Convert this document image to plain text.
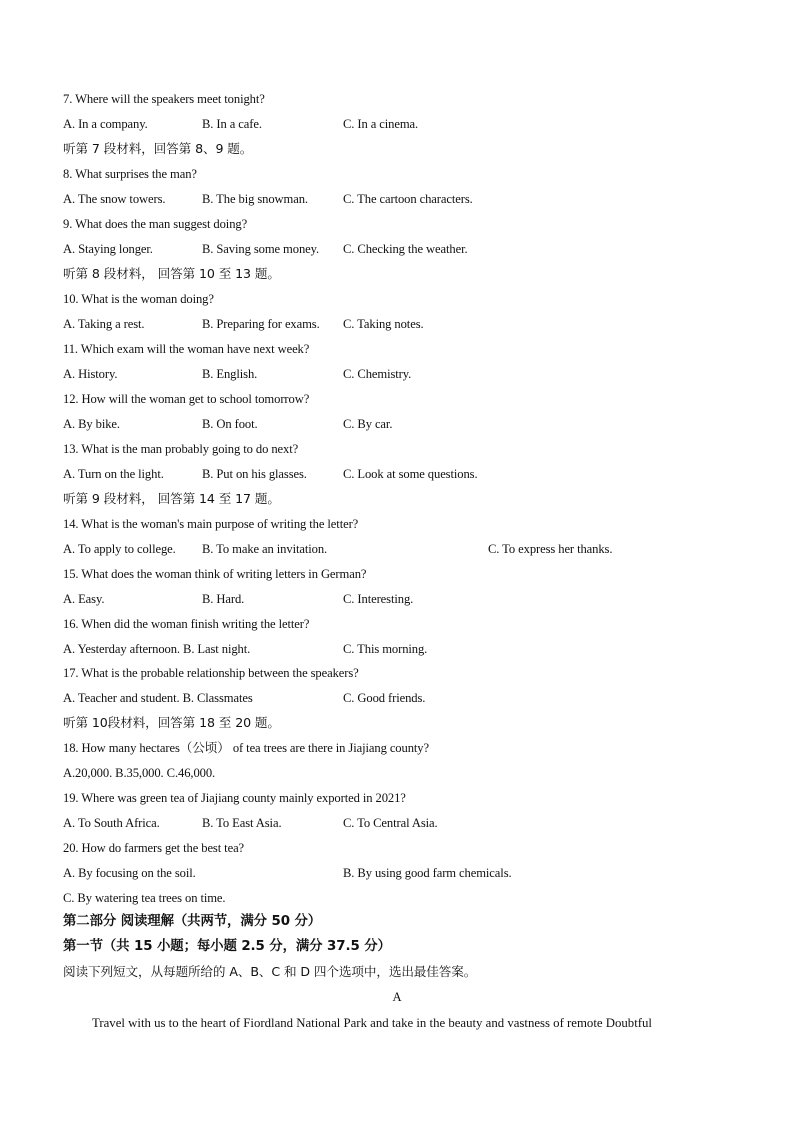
7. Where will the speakers meet tonight?
A. In a company.	B. In a cafe.	C. In a cinema.
听第 7 段材料，回答第 8、9 题。
8. What surprises the man?
A. The snow towers.	B. The big snowman.	C. The cartoon characters.
9. What does the man suggest doing?
A. Staying longer.	B. Saving some money. C. Checking the weather.
听第 8 段材料， 回答第 10 至 13 题。
10. What is the woman doing?
A. Taking a rest.	B. Preparing for exams. C. Taking notes.
11. Which exam will the woman have next week?
A. History.	B. English.	C. Chemistry.
12. How will the woman get to school tomorrow?
A. By bike.	B. On foot.	C. By car.
13. What is the man probably going to do next?
A. Turn on the light.	B. Put on his glasses.	C. Look at some questions.
听第 9 段材料， 回答第 14 至 17 题。
14. What is the woman's main purpose of writing the letter?
A. To apply to college. B. To make an invitation.	C. To express her thanks.
15. What does the woman think of writing letters in German?
A. Easy.	B. Hard.	C. Interesting.
16. When did the woman finish writing the letter?
A. Yesterday afternoon. B. Last night.	C. This morning.
17. What is the probable relationship between the speakers?
A. Teacher and student. B. Classmates	C. Good friends.
听第 10段材料，回答第 18 至 20 题。
18. How many hectares（公顷） of tea trees are there in Jiajiang county?
A.20,000. B.35,000. C.46,000.
19. Where was green tea of Jiajiang county mainly exported in 2021?
A. To South Africa.	B. To East Asia.	C. To Central Asia.
20. How do farmers get the best tea?
A. By focusing on the soil.	B. By using good farm chemicals.
C. By watering tea trees on time.
第二部分 阅读理解（共两节，满分 50 分）
第一节（共 15 小题；每小题 2.5 分，满分 37.5 分）
阅读下列短文，从每题所给的 A、B、C 和 D 四个选项中，选出最佳答案。
A
Travel with us to the heart of Fiordland National Park and take in the beauty and vastness of remote Doubtful
